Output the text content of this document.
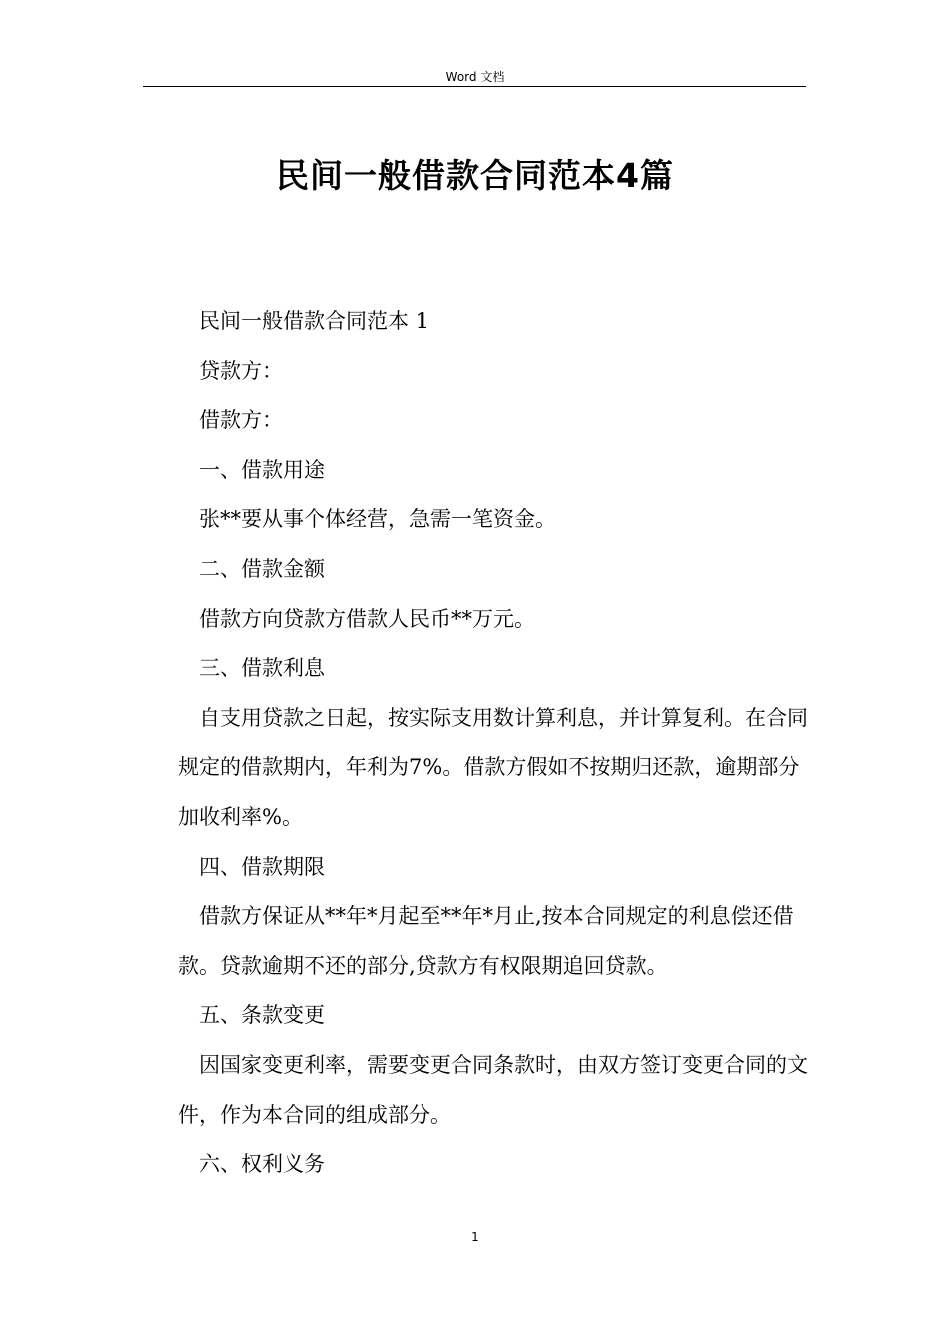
Word 文档
民间一般借款合同范本4篇

民间一般借款合同范本 1

贷款方：

借款方：

一、借款用途

张**要从事个体经营，急需一笔资金。

二、借款金额

借款方向贷款方借款人民币**万元。

三、借款利息

自支用贷款之日起，按实际支用数计算利息，并计算复利。在合同规定的借款期内，年利为7%。借款方假如不按期归还款，逾期部分加收利率%。

四、借款期限

借款方保证从**年*月起至**年*月止,按本合同规定的利息偿还借款。贷款逾期不还的部分,贷款方有权限期追回贷款。

五、条款变更

因国家变更利率，需要变更合同条款时，由双方签订变更合同的文件，作为本合同的组成部分。

六、权利义务

1
